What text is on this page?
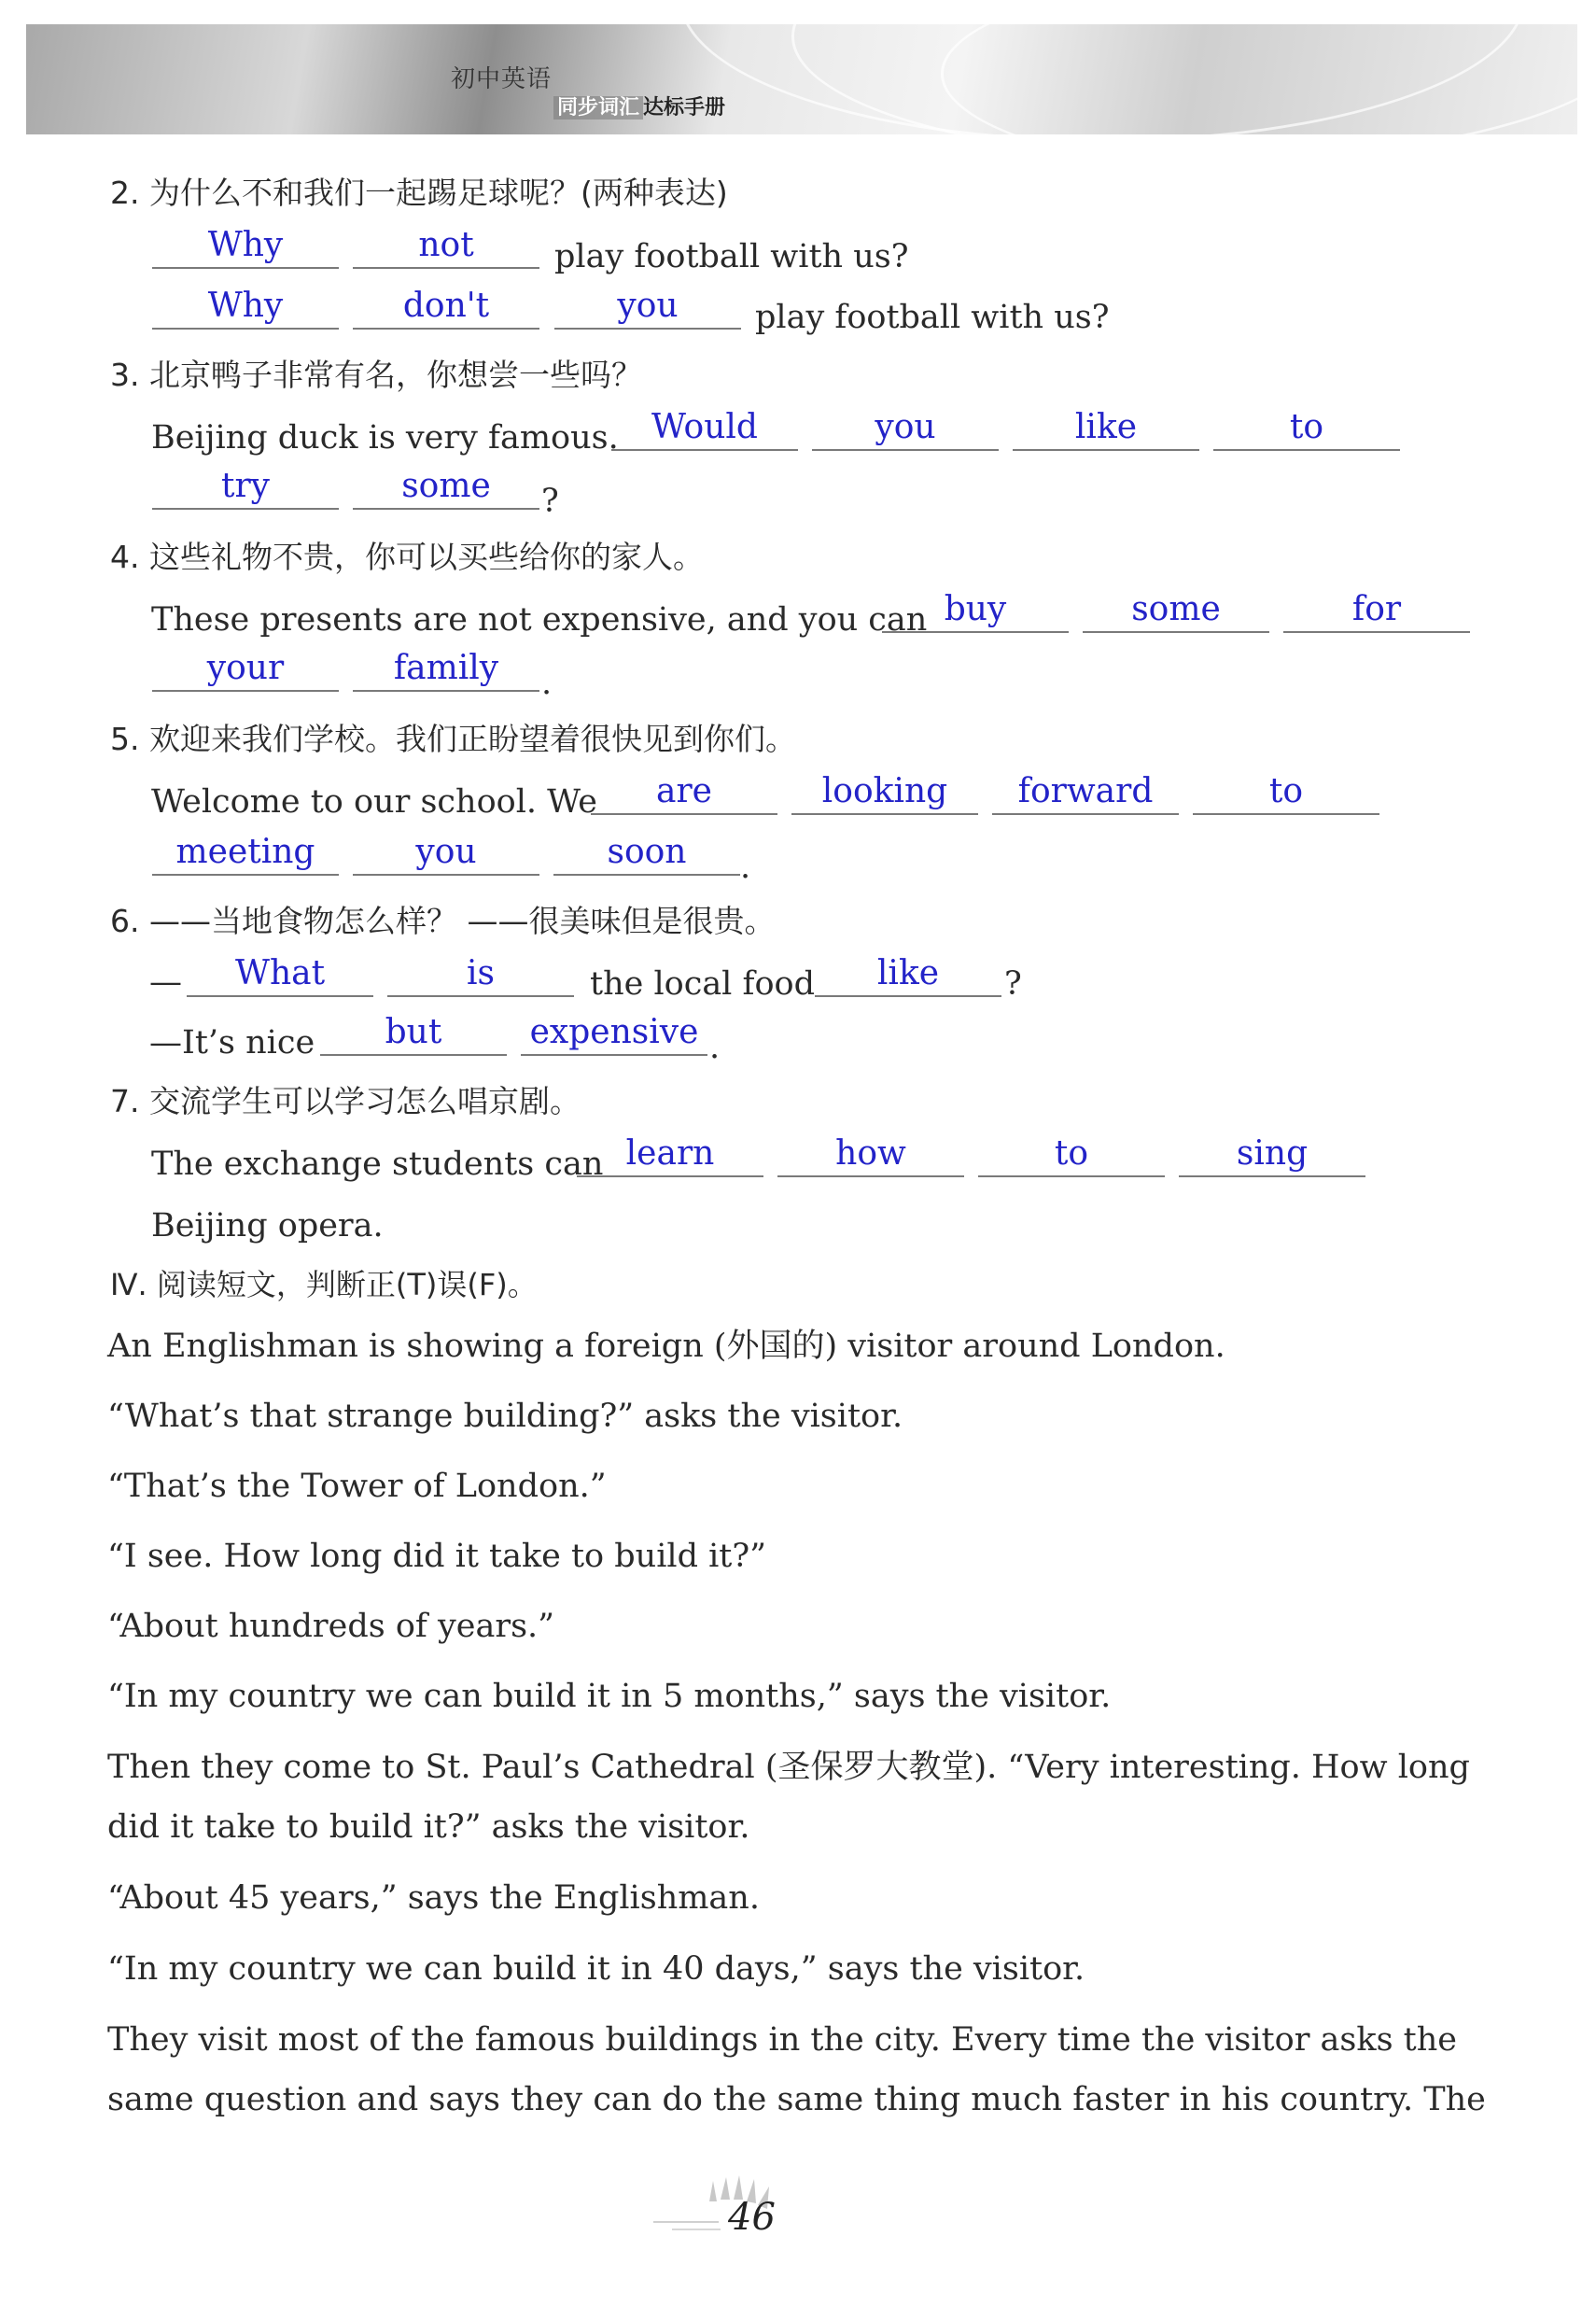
初中英语
同步词汇 达标手册
2. 为什么不和我们一起踢足球呢？(两种表达)
Why	not	play football with us?
Why	don't	you	play football with us?
3. 北京鸭子非常有名，你想尝一些吗？
Beijing duck is very famous. Would	you	like	to
try	some	?
4. 这些礼物不贵，你可以买些给你的家人。
These presents are not expensive, and you can buy	some	for
your	family	.
5. 欢迎来我们学校。我们正盼望着很快见到你们。
Welcome to our school. We	are	looking	forward	to
meeting	you	soon	.
6. ——当地食物怎么样？ ——很美味但是很贵。
—	What	is	the local food	like	?
—It’s nice	but	expensive .
7. 交流学生可以学习怎么唱京剧。
The exchange students can learn	how	to	sing
Beijing opera.
Ⅳ. 阅读短文，判断正(T)误(F)。
An Englishman is showing a foreign (外国的) visitor around London.
“What’s that strange building?” asks the visitor.
“That’s the Tower of London.”
“I see. How long did it take to build it?”
“About hundreds of years.”
“In my country we can build it in 5 months,” says the visitor.
Then they come to St. Paul’s Cathedral (圣保罗大教堂). “Very interesting. How long
did it take to build it?” asks the visitor.
“About 45 years,” says the Englishman.
“In my country we can build it in 40 days,” says the visitor.
They visit most of the famous buildings in the city. Every time the visitor asks the
same question and says they can do the same thing much faster in his country. The
46
